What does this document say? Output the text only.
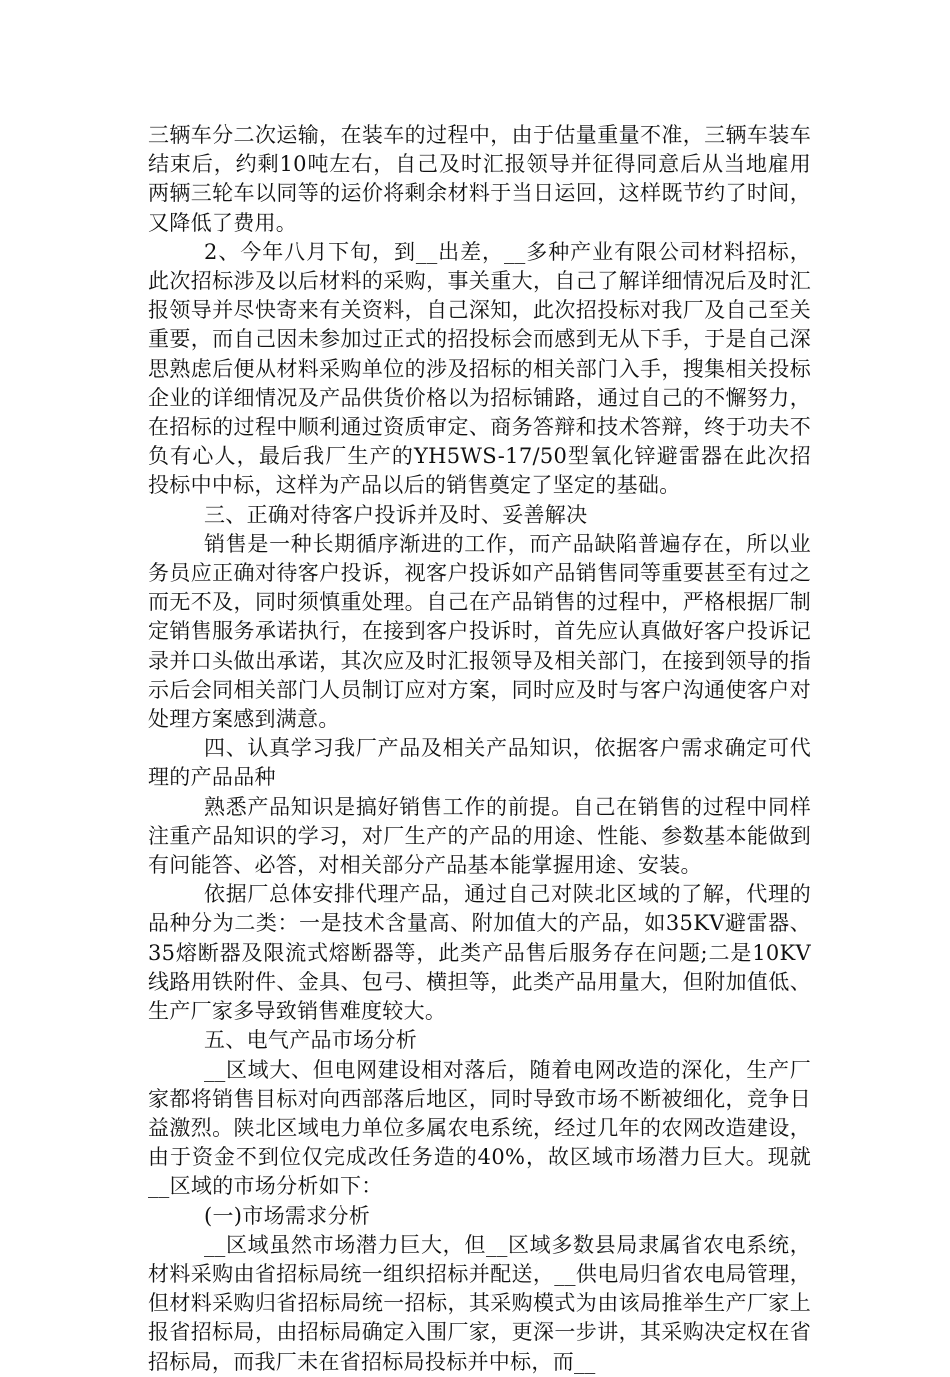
三辆车分二次运输，在装车的过程中，由于估量重量不准，三辆车装车结束后，约剩10吨左右，自己及时汇报领导并征得同意后从当地雇用两辆三轮车以同等的运价将剩余材料于当日运回，这样既节约了时间，又降低了费用。

2、今年八月下旬，到__出差，__多种产业有限公司材料招标，此次招标涉及以后材料的采购，事关重大，自己了解详细情况后及时汇报领导并尽快寄来有关资料，自己深知，此次招投标对我厂及自己至关重要，而自己因未参加过正式的招投标会而感到无从下手，于是自己深思熟虑后便从材料采购单位的涉及招标的相关部门入手，搜集相关投标企业的详细情况及产品供货价格以为招标铺路，通过自己的不懈努力，在招标的过程中顺利通过资质审定、商务答辩和技术答辩，终于功夫不负有心人，最后我厂生产的YH5WS-17/50型氧化锌避雷器在此次招投标中中标，这样为产品以后的销售奠定了坚定的基础。

三、正确对待客户投诉并及时、妥善解决

销售是一种长期循序渐进的工作，而产品缺陷普遍存在，所以业务员应正确对待客户投诉，视客户投诉如产品销售同等重要甚至有过之而无不及，同时须慎重处理。自己在产品销售的过程中，严格根据厂制定销售服务承诺执行，在接到客户投诉时，首先应认真做好客户投诉记录并口头做出承诺，其次应及时汇报领导及相关部门，在接到领导的指示后会同相关部门人员制订应对方案，同时应及时与客户沟通使客户对处理方案感到满意。

四、认真学习我厂产品及相关产品知识，依据客户需求确定可代理的产品品种

熟悉产品知识是搞好销售工作的前提。自己在销售的过程中同样注重产品知识的学习，对厂生产的产品的用途、性能、参数基本能做到有问能答、必答，对相关部分产品基本能掌握用途、安装。

依据厂总体安排代理产品，通过自己对陕北区域的了解，代理的品种分为二类：一是技术含量高、附加值大的产品，如35KV避雷器、35熔断器及限流式熔断器等，此类产品售后服务存在问题;二是10KV线路用铁附件、金具、包弓、横担等，此类产品用量大，但附加值低、生产厂家多导致销售难度较大。

五、电气产品市场分析

__区域大、但电网建设相对落后，随着电网改造的深化，生产厂家都将销售目标对向西部落后地区，同时导致市场不断被细化，竞争日益激烈。陕北区域电力单位多属农电系统，经过几年的农网改造建设，由于资金不到位仅完成改任务造的40%，故区域市场潜力巨大。现就__区域的市场分析如下：

(一)市场需求分析

__区域虽然市场潜力巨大，但__区域多数县局隶属省农电系统，材料采购由省招标局统一组织招标并配送，__供电局归省农电局管理，但材料采购归省招标局统一招标，其采购模式为由该局推举生产厂家上报省招标局，由招标局确定入围厂家，更深一步讲，其采购决定权在省招标局，而我厂未在省招标局投标并中标，而__
